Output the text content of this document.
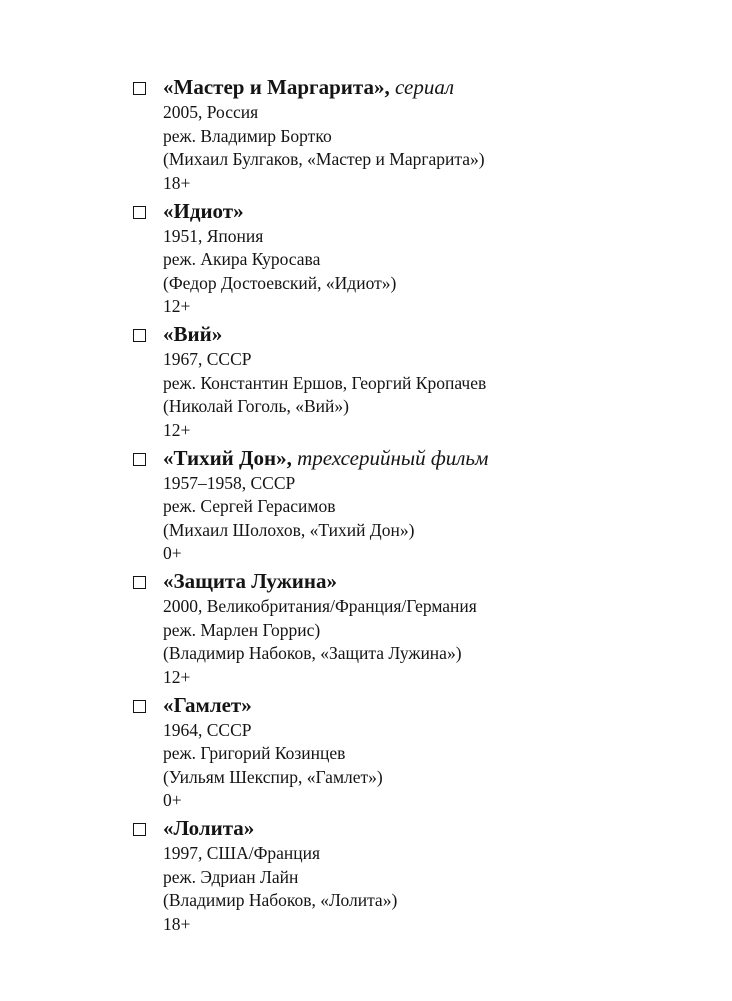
«Мастер и Маргарита», сериал
2005, Россия
реж. Владимир Бортко
(Михаил Булгаков, «Мастер и Маргарита»)
18+
«Идиот»
1951, Япония
реж. Акира Куросава
(Федор Достоевский, «Идиот»)
12+
«Вий»
1967, СССР
реж. Константин Ершов, Георгий Кропачев
(Николай Гоголь, «Вий»)
12+
«Тихий Дон», трехсерийный фильм
1957–1958, СССР
реж. Сергей Герасимов
(Михаил Шолохов, «Тихий Дон»)
0+
«Защита Лужина»
2000, Великобритания/Франция/Германия
реж. Марлен Горрис)
(Владимир Набоков, «Защита Лужина»)
12+
«Гамлет»
1964, СССР
реж. Григорий Козинцев
(Уильям Шекспир, «Гамлет»)
0+
«Лолита»
1997, США/Франция
реж. Эдриан Лайн
(Владимир Набоков, «Лолита»)
18+
